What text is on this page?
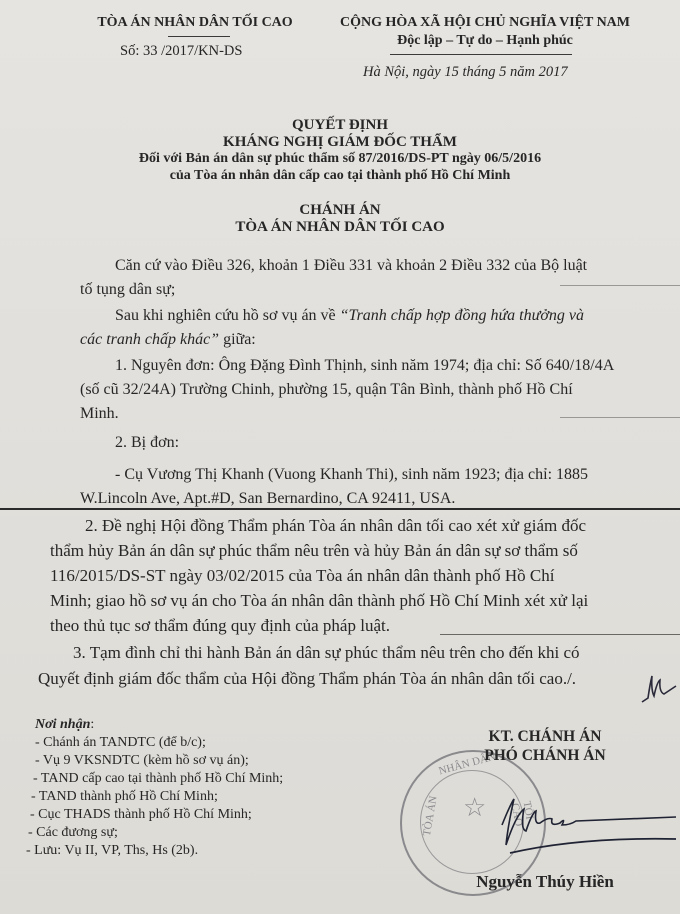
TÒA ÁN NHÂN DÂN TỐI CAO
Số: 33 /2017/KN-DS
CỘNG HÒA XÃ HỘI CHỦ NGHĨA VIỆT NAM
Độc lập – Tự do – Hạnh phúc
Hà Nội, ngày 15 tháng 5 năm 2017
QUYẾT ĐỊNH
KHÁNG NGHỊ GIÁM ĐỐC THẨM
Đối với Bản án dân sự phúc thẩm số 87/2016/DS-PT ngày 06/5/2016
của Tòa án nhân dân cấp cao tại thành phố Hồ Chí Minh
CHÁNH ÁN
TÒA ÁN NHÂN DÂN TỐI CAO
Căn cứ vào Điều 326, khoản 1 Điều 331 và khoản 2 Điều 332 của Bộ luật
tố tụng dân sự;
Sau khi nghiên cứu hồ sơ vụ án về “Tranh chấp hợp đồng hứa thưởng và
các tranh chấp khác” giữa:
1. Nguyên đơn: Ông Đặng Đình Thịnh, sinh năm 1974; địa chỉ: Số 640/18/4A
(số cũ 32/24A) Trường Chinh, phường 15, quận Tân Bình, thành phố Hồ Chí
Minh.
2. Bị đơn:
- Cụ Vương Thị Khanh (Vuong Khanh Thi), sinh năm 1923; địa chỉ: 1885
W.Lincoln Ave, Apt.#D, San Bernardino, CA 92411, USA.
2. Đề nghị Hội đồng Thẩm phán Tòa án nhân dân tối cao xét xử giám đốc
thẩm hủy Bản án dân sự phúc thẩm nêu trên và hủy Bản án dân sự sơ thẩm số
116/2015/DS-ST ngày 03/02/2015 của Tòa án nhân dân thành phố Hồ Chí
Minh; giao hồ sơ vụ án cho Tòa án nhân dân thành phố Hồ Chí Minh xét xử lại
theo thủ tục sơ thẩm đúng quy định của pháp luật.
3. Tạm đình chỉ thi hành Bản án dân sự phúc thẩm nêu trên cho đến khi có
Quyết định giám đốc thẩm của Hội đồng Thẩm phán Tòa án nhân dân tối cao./.
Nơi nhận:
- Chánh án TANDTC (để b/c);
- Vụ 9 VKSNDTC (kèm hồ sơ vụ án);
- TAND cấp cao tại thành phố Hồ Chí Minh;
- TAND thành phố Hồ Chí Minh;
- Cục THADS thành phố Hồ Chí Minh;
- Các đương sự;
- Lưu: Vụ II, VP, Ths, Hs (2b).
☆
TÒA ÁN
NHÂN DÂN
TỐI CAO
KT. CHÁNH ÁN
PHÓ CHÁNH ÁN
Nguyễn Thúy Hiền
